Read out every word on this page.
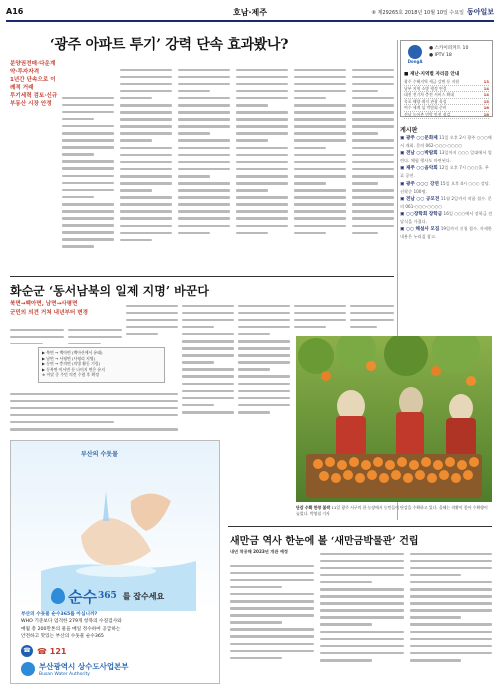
A16	호남·제주	⑧ 제29265호 2018년 10월 10일 수요일 동아일보
‘광주 아파트 투기’ 강력 단속 효과봤나?
분양권전매·다운계약·투자자격
1년간 단속으로 이례적 거래
투기세력 검토·신규
부동산 시장 안정
DongA
● 스카이퍼커트 10
● IPTV 18
■ 재난·지역별 자리끔 안내
광주 수해지역 세금 감면 등 지원	13
남부 지역 소방 행정 연결	14
대전 전기차 충전 서비스 확대	14
목포 해양 레저 관광 육성	15
여수 세계 섬 박람회 준비	16
전남 농어촌 민박 안전 점검	16
게시판
▣ 광주 ○○문화제 11일 오후 2시 광주 ○○○에서 개최. 문의 062-○○○-○○○○
▣ 전남 ○○박람회 13일까지 ○○○ 일대에서 열린다. 체험 행사도 마련된다.
▣ 제주 ○○음악회 12일 오후 7시 ○○○홀. 무료 공연.
▣ 광주 ○○○ 강연 15일 오후 4시 ○○○ 강당. 선착순 100명.
▣ 전남 ○○ 공모전 11월 2일까지 작품 접수. 문의 061-○○○-○○○○
▣ ○○장학회 장학금 16일 ○○○에서 장학금 전달식을 가졌다.
▣ ○○ 해설사 모집 19일까지 신청 접수. 자세한 내용은 누리집 참고.
화순군 ‘동서남북의 일제 지명’ 바꾼다
북면→백아면, 남면→사평면
군민의 의견 거쳐 내년부터 변경
▶ 북면 → 백아면 (백아산에서 유래)
▶ 남면 → 사평면 (사평리 지명)
▶ 동면 → 충의면 (의병 활동 기림)
▶ 동복면·이서면 등 나머지 면은 유지
※ 이달 중 주민 의견 수렴 후 확정
단감 수확 한창 봄싹 11일 광주 서구의 한 농장에서 농민들이 단감을 수확하고 있다. 올해는 작황이 좋아 수확량이 늘었다. 박영철 기자
새만금 역사 한눈에 볼 ‘새만금박물관’ 건립
내년 착공해 2023년 개관 예정
부산의 수돗물
순수 365 를 잡수세요
부산의 수돗물 순수365를 아십니까?
WHO 기준보다 엄격한 279개 항목의 수질검사와
매월 총 200만톤의 물을 매일 정수하여 공급하는
안전하고 맛있는 부산의 수돗물 순수365
☎ ☎ 121
부산광역시 상수도사업본부
Busan Water Authority
